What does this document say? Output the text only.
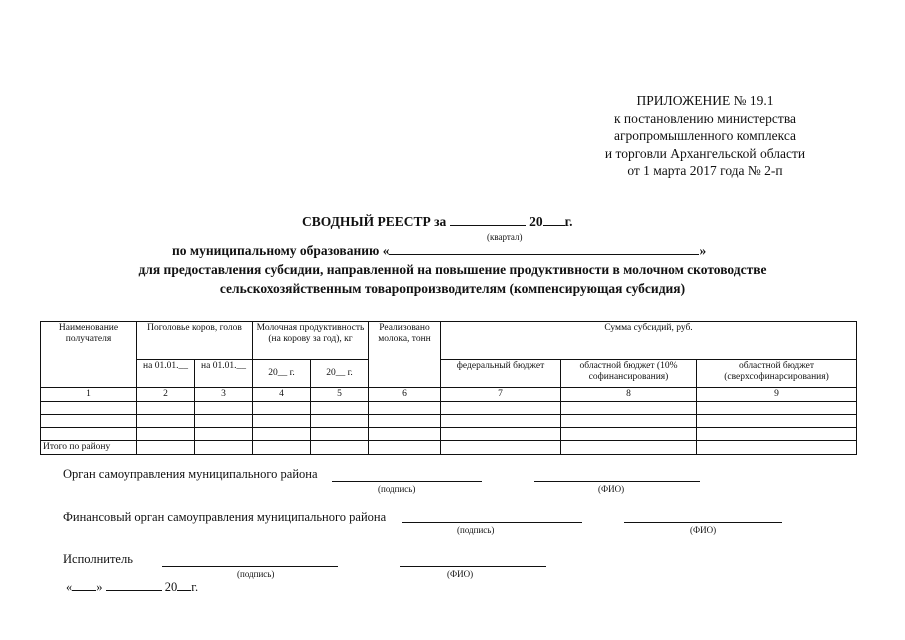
ПРИЛОЖЕНИЕ № 19.1
к постановлению министерства
агропромышленного комплекса
и торговли Архангельской области
от 1 марта 2017 года № 2-п
СВОДНЫЙ РЕЕСТР за	20 г.
(квартал)
по муниципальному образованию «	»
для предоставления субсидии, направленной на повышение продуктивности в молочном скотоводстве
сельскохозяйственным товаропроизводителям (компенсирующая субсидия)
Наименование получателя	Поголовье коров, голов		Молочная продуктивность (на корову за год), кг		Реализовано молока, тонн	Сумма субсидий, руб.		
	на 01.01.__	на 01.01.__	20__ г.	20__ г.		федеральный бюджет	областной бюджет (10% софинансирования)	областной бюджет (сверхсофинарсирования)
1	2	3	4	5	6	7	8	9

Итого по району								
Орган самоуправления муниципального района
(подпись)	(ФИО)
Финансовый орган самоуправления муниципального района
(подпись)	(ФИО)
Исполнитель
(подпись)	(ФИО)
« »	20 г.
